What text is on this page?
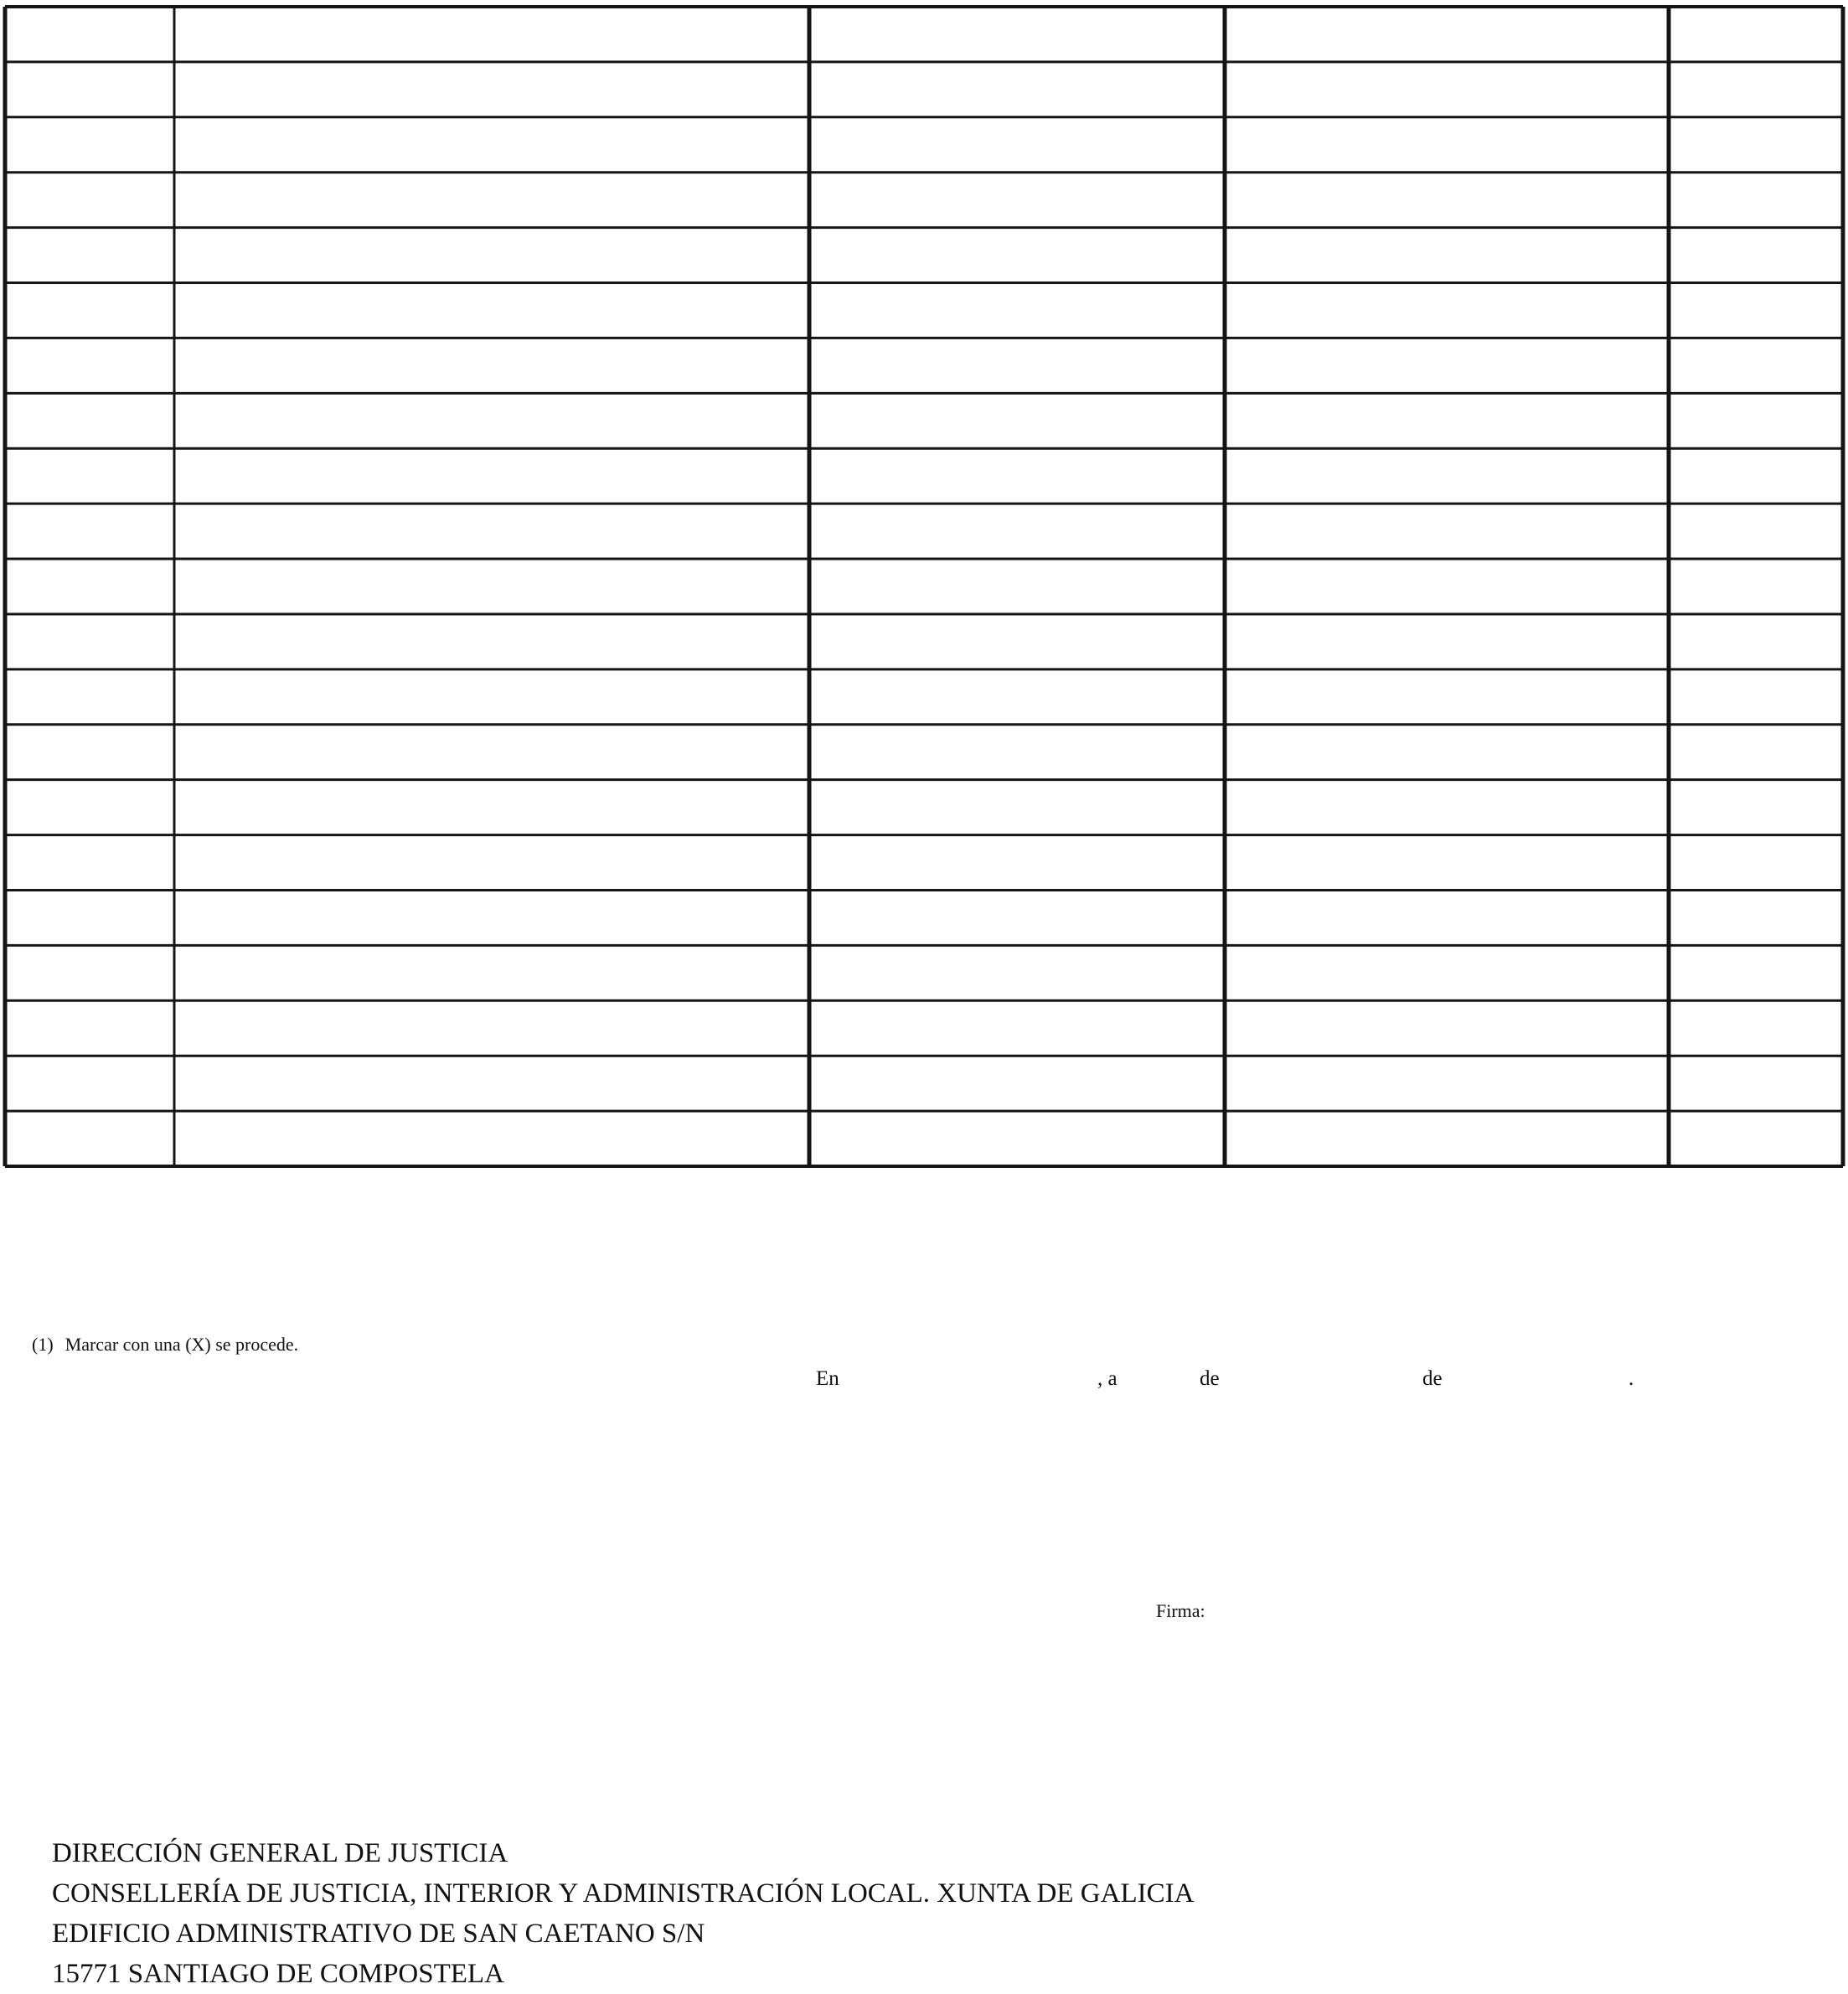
(1) Marcar con una (X) se procede.
En	, a	de	de	.
Firma:
DIRECCIÓN GENERAL DE JUSTICIA
CONSELLERÍA DE JUSTICIA, INTERIOR Y ADMINISTRACIÓN LOCAL. XUNTA DE GALICIA
EDIFICIO ADMINISTRATIVO DE SAN CAETANO S/N
15771 SANTIAGO DE COMPOSTELA
